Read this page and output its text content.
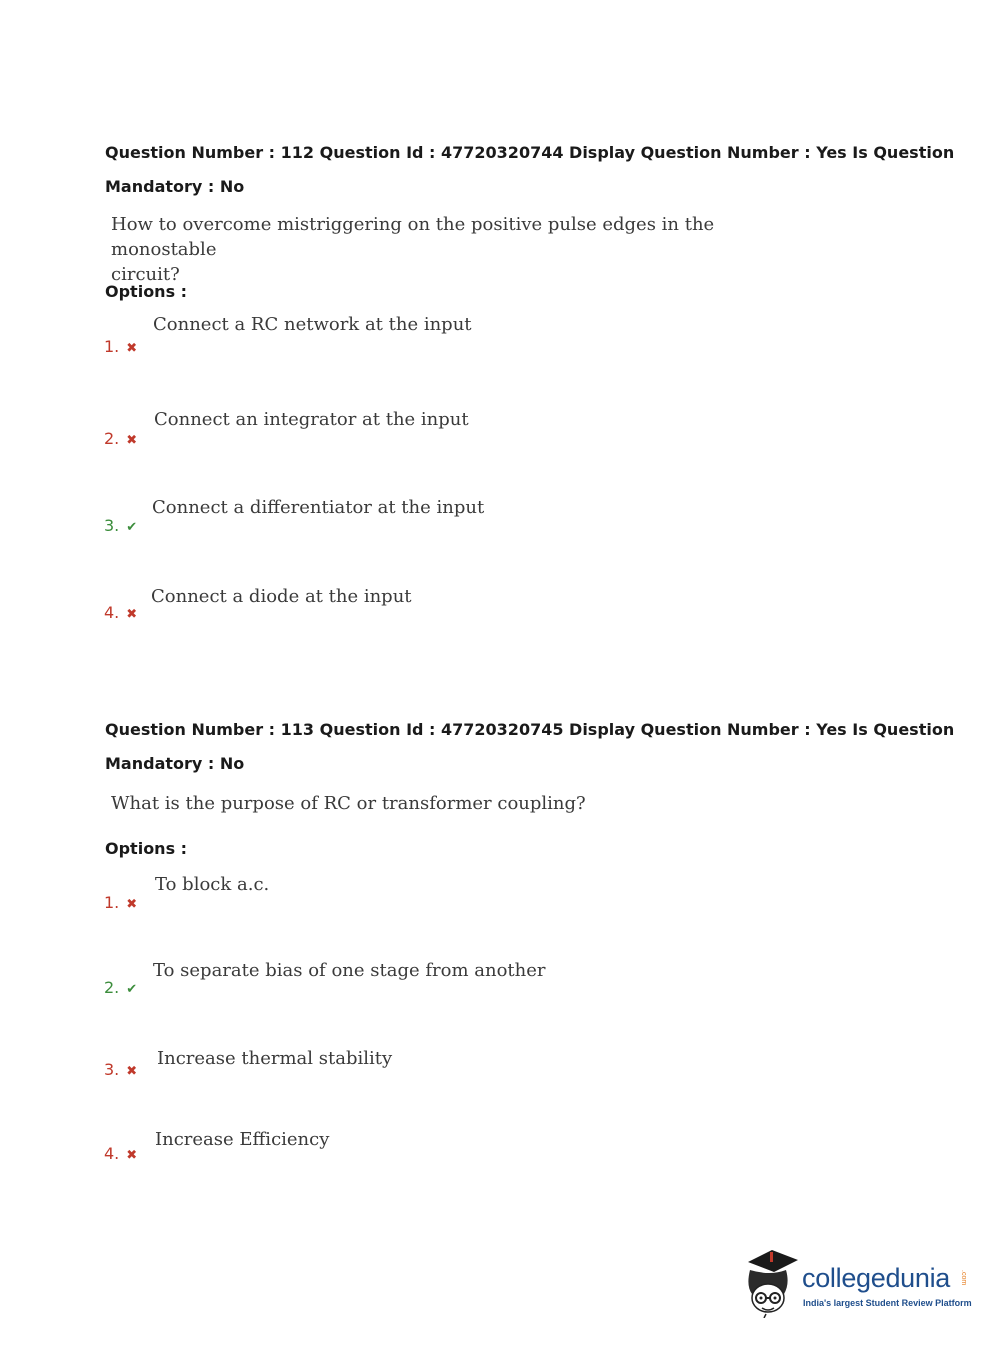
Question Number : 112 Question Id : 47720320744 Display Question Number : Yes Is Question
Mandatory : No
How to overcome mistriggering on the positive pulse edges in the monostable
circuit?
Options :
1. ✖
Connect a RC network at the input
2. ✖
Connect an integrator at the input
3. ✔
Connect a differentiator at the input
4. ✖
Connect a diode at the input
Question Number : 113 Question Id : 47720320745 Display Question Number : Yes Is Question
Mandatory : No
What is the purpose of RC or transformer coupling?
Options :
1. ✖
To block a.c.
2. ✔
To separate bias of one stage from another
3. ✖
Increase thermal stability
4. ✖
Increase Efficiency
collegedunia .com
India's largest Student Review Platform
